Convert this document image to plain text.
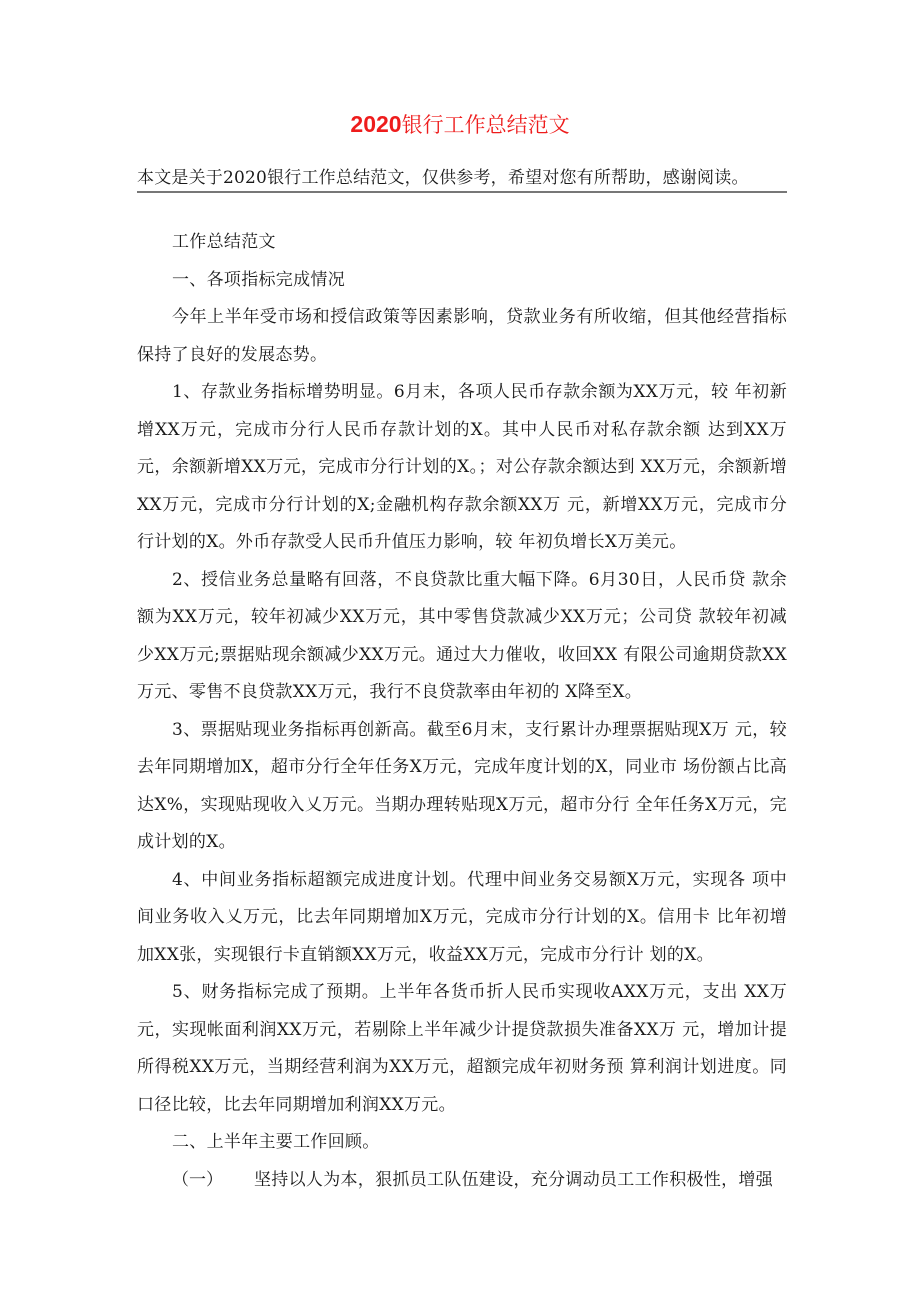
2020银行工作总结范文
本文是关于2020银行工作总结范文，仅供参考，希望对您有所帮助，感谢阅读。

工作总结范文

一、各项指标完成情况

今年上半年受市场和授信政策等因素影响，贷款业务有所收缩，但其他经营指标保持了良好的发展态势。

1、存款业务指标增势明显。6月末，各项人民币存款余额为XX万元，较 年初新增XX万元，完成市分行人民币存款计划的X。其中人民币对私存款余额 达到XX万元，余额新增XX万元，完成市分行计划的X。；对公存款余额达到 XX万元，余额新增XX万元，完成市分行计划的X;金融机构存款余额XX万 元，新增XX万元，完成市分行计划的X。外币存款受人民币升值压力影响，较 年初负增长X万美元。

2、授信业务总量略有回落，不良贷款比重大幅下降。6月30日，人民币贷 款余额为XX万元，较年初减少XX万元，其中零售贷款减少XX万元；公司贷 款较年初减少XX万元;票据贴现余额减少XX万元。通过大力催收，收回XX 有限公司逾期贷款XX万元、零售不良贷款XX万元，我行不良贷款率由年初的 X降至X。

3、票据贴现业务指标再创新高。截至6月末，支行累计办理票据贴现X万 元，较去年同期增加X，超市分行全年任务X万元，完成年度计划的X，同业市 场份额占比高达X%，实现贴现收入乂万元。当期办理转贴现X万元，超市分行 全年任务X万元，完成计划的X。

4、中间业务指标超额完成进度计划。代理中间业务交易额X万元，实现各 项中间业务收入乂万元，比去年同期增加X万元，完成市分行计划的X。信用卡 比年初增加XX张，实现银行卡直销额XX万元，收益XX万元，完成市分行计 划的X。

5、财务指标完成了预期。上半年各货币折人民币实现收AXX万元，支出 XX万元，实现帐面利润XX万元，若剔除上半年减少计提贷款损失准备XX万 元，增加计提所得税XX万元，当期经营利润为XX万元，超额完成年初财务预 算利润计划进度。同口径比较，比去年同期增加利润XX万元。

二、上半年主要工作回顾。

（一） 坚持以人为本，狠抓员工队伍建设，充分调动员工工作积极性，增强
